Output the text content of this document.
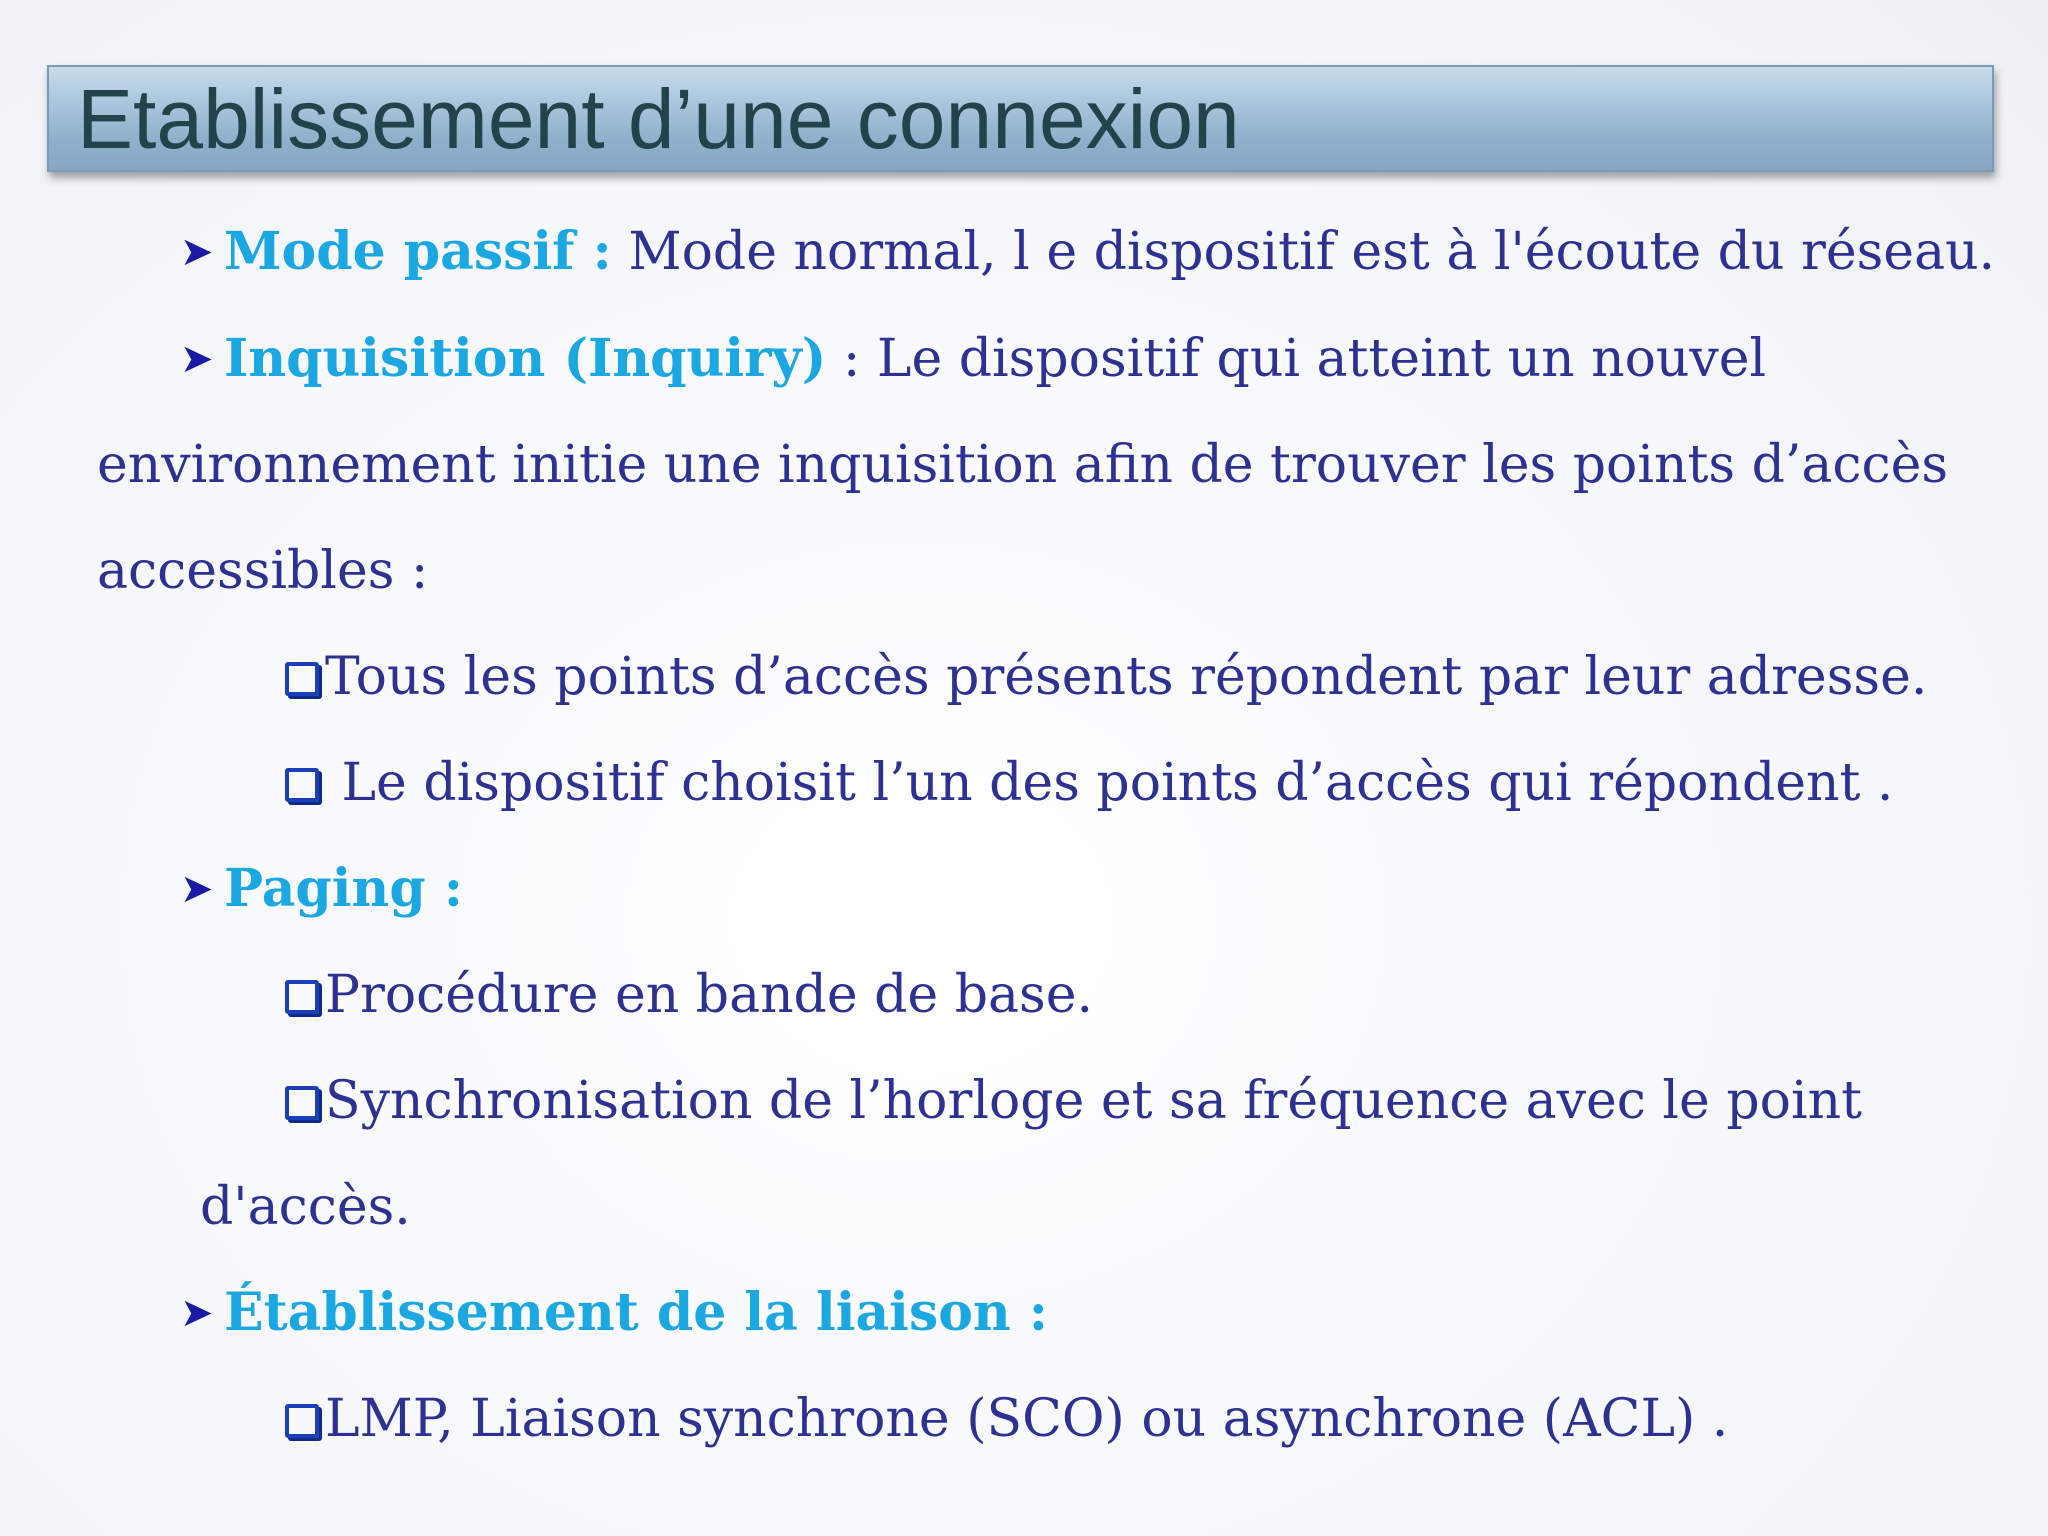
Etablissement d’une connexion
➤ Mode passif : Mode normal, l e dispositif est à l'écoute du réseau.
➤ Inquisition (Inquiry) : Le dispositif qui atteint un nouvel
environnement initie une inquisition afin de trouver les points d’accès
accessibles :
Tous les points d’accès présents répondent par leur adresse.
Le dispositif choisit l’un des points d’accès qui répondent .
➤ Paging :
Procédure en bande de base.
Synchronisation de l’horloge et sa fréquence avec le point
d'accès.
➤ Établissement de la liaison :
LMP, Liaison synchrone (SCO) ou asynchrone (ACL) .
